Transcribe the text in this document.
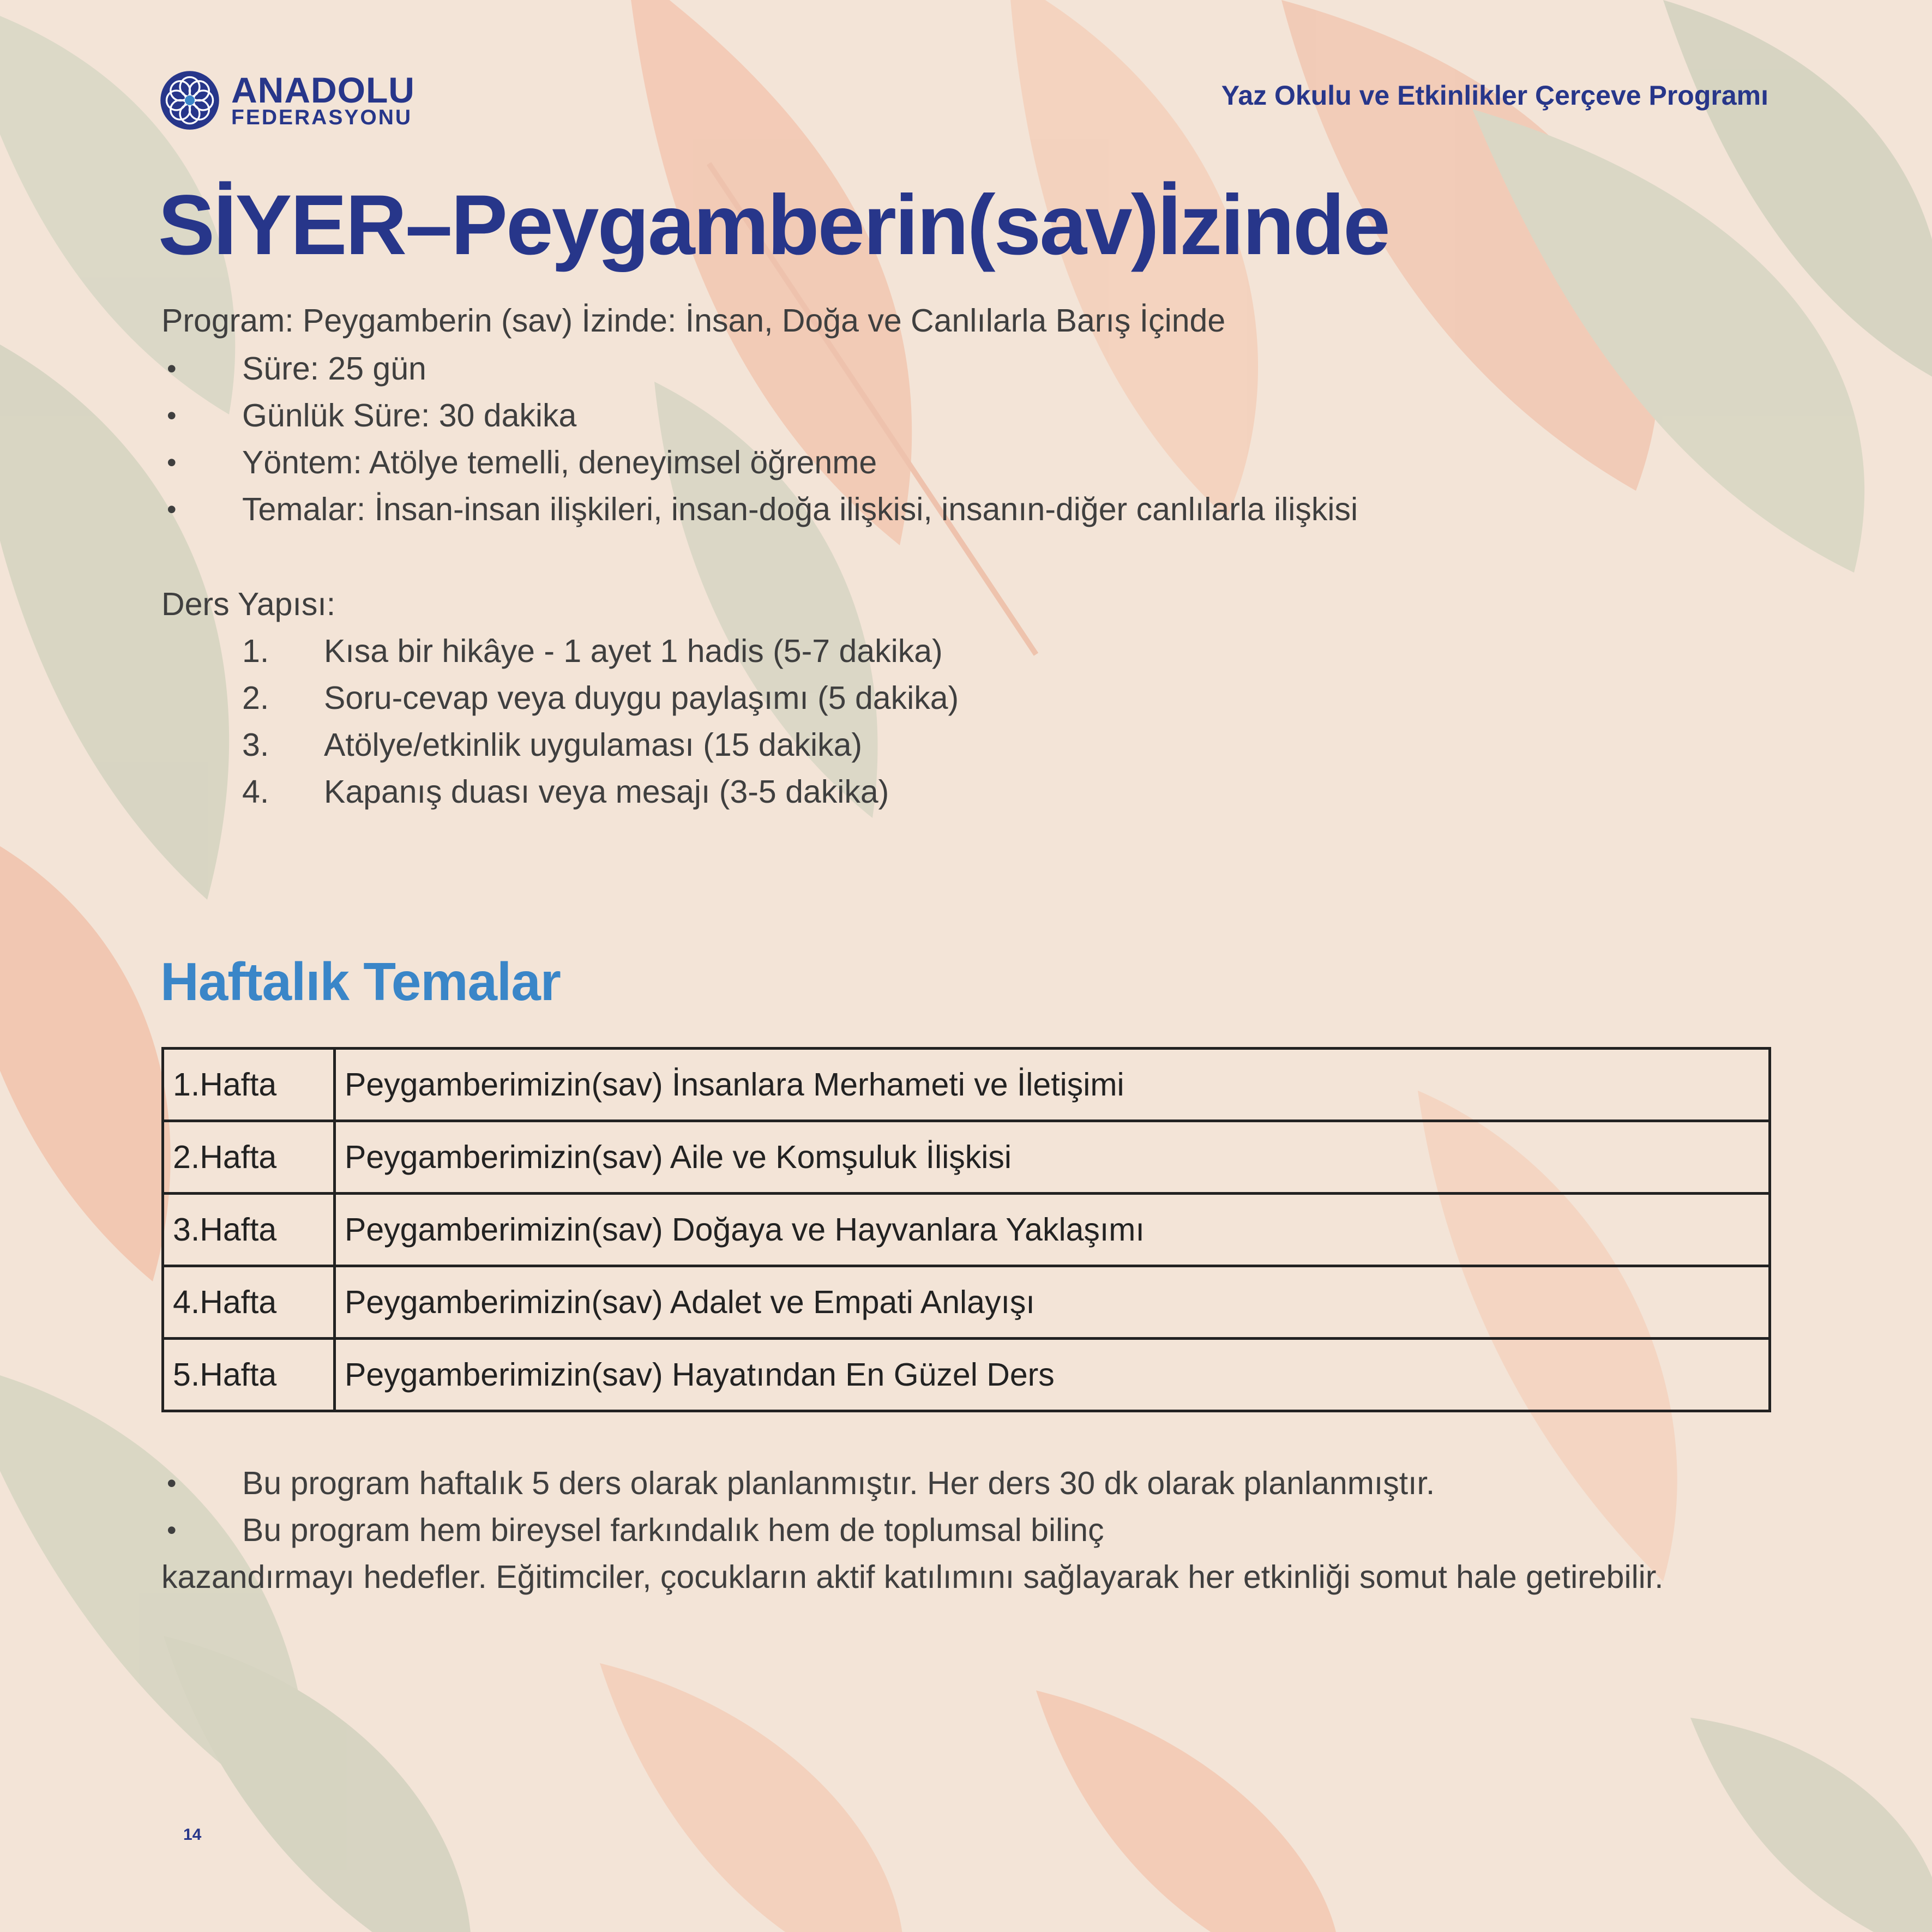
ANADOLU
FEDERASYONU
Yaz Okulu ve Etkinlikler Çerçeve Programı
SİYER–Peygamberin(sav)İzinde
Program: Peygamberin (sav) İzinde: İnsan, Doğa ve Canlılarla Barış İçinde
• Süre: 25 gün
• Günlük Süre: 30 dakika
• Yöntem: Atölye temelli, deneyimsel öğrenme
• Temalar: İnsan-insan ilişkileri, insan-doğa ilişkisi, insanın-diğer canlılarla ilişkisi
Ders Yapısı:
1. Kısa bir hikâye - 1 ayet 1 hadis (5-7 dakika)
2. Soru-cevap veya duygu paylaşımı (5 dakika)
3. Atölye/etkinlik uygulaması (15 dakika)
4. Kapanış duası veya mesajı (3-5 dakika)
Haftalık Temalar
1.Hafta	Peygamberimizin(sav) İnsanlara Merhameti ve İletişimi
2.Hafta	Peygamberimizin(sav) Aile ve Komşuluk İlişkisi
3.Hafta	Peygamberimizin(sav) Doğaya ve Hayvanlara Yaklaşımı
4.Hafta	Peygamberimizin(sav) Adalet ve Empati Anlayışı
5.Hafta	Peygamberimizin(sav) Hayatından En Güzel Ders
• Bu program haftalık 5 ders olarak planlanmıştır. Her ders 30 dk olarak planlanmıştır.
• Bu program hem bireysel farkındalık hem de toplumsal bilinç
kazandırmayı hedefler. Eğitimciler, çocukların aktif katılımını sağlayarak her etkinliği somut hale getirebilir.
14
